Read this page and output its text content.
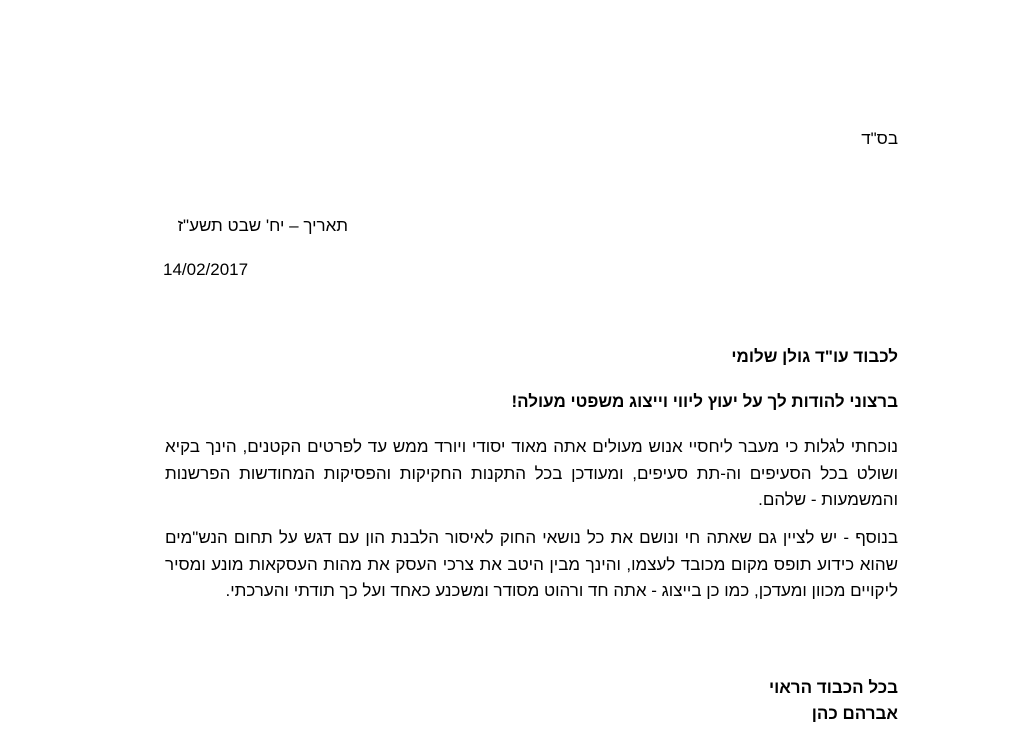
בס"ד
תאריך – יח' שבט תשע"ז
14/02/2017
לכבוד עו"ד גולן שלומי
ברצוני להודות לך על יעוץ ליווי וייצוג משפטי מעולה!
נוכחתי לגלות כי מעבר ליחסיי אנוש מעולים אתה מאוד יסודי ויורד ממש עד לפרטים הקטנים, הינך בקיא ושולט בכל הסעיפים וה-תת סעיפים, ומעודכן בכל התקנות החקיקות והפסיקות המחודשות הפרשנות והמשמעות - שלהם.
בנוסף - יש לציין גם שאתה חי ונושם את כל נושאי החוק לאיסור הלבנת הון עם דגש על תחום הנש"מים שהוא כידוע תופס מקום מכובד לעצמו, והינך מבין היטב את צרכי העסק את מהות העסקאות מונע ומסיר ליקויים מכוון ומעדכן, כמו כן בייצוג - אתה חד ורהוט מסודר ומשכנע כאחד ועל כך תודתי והערכתי.
בכל הכבוד הראוי
אברהם כהן
